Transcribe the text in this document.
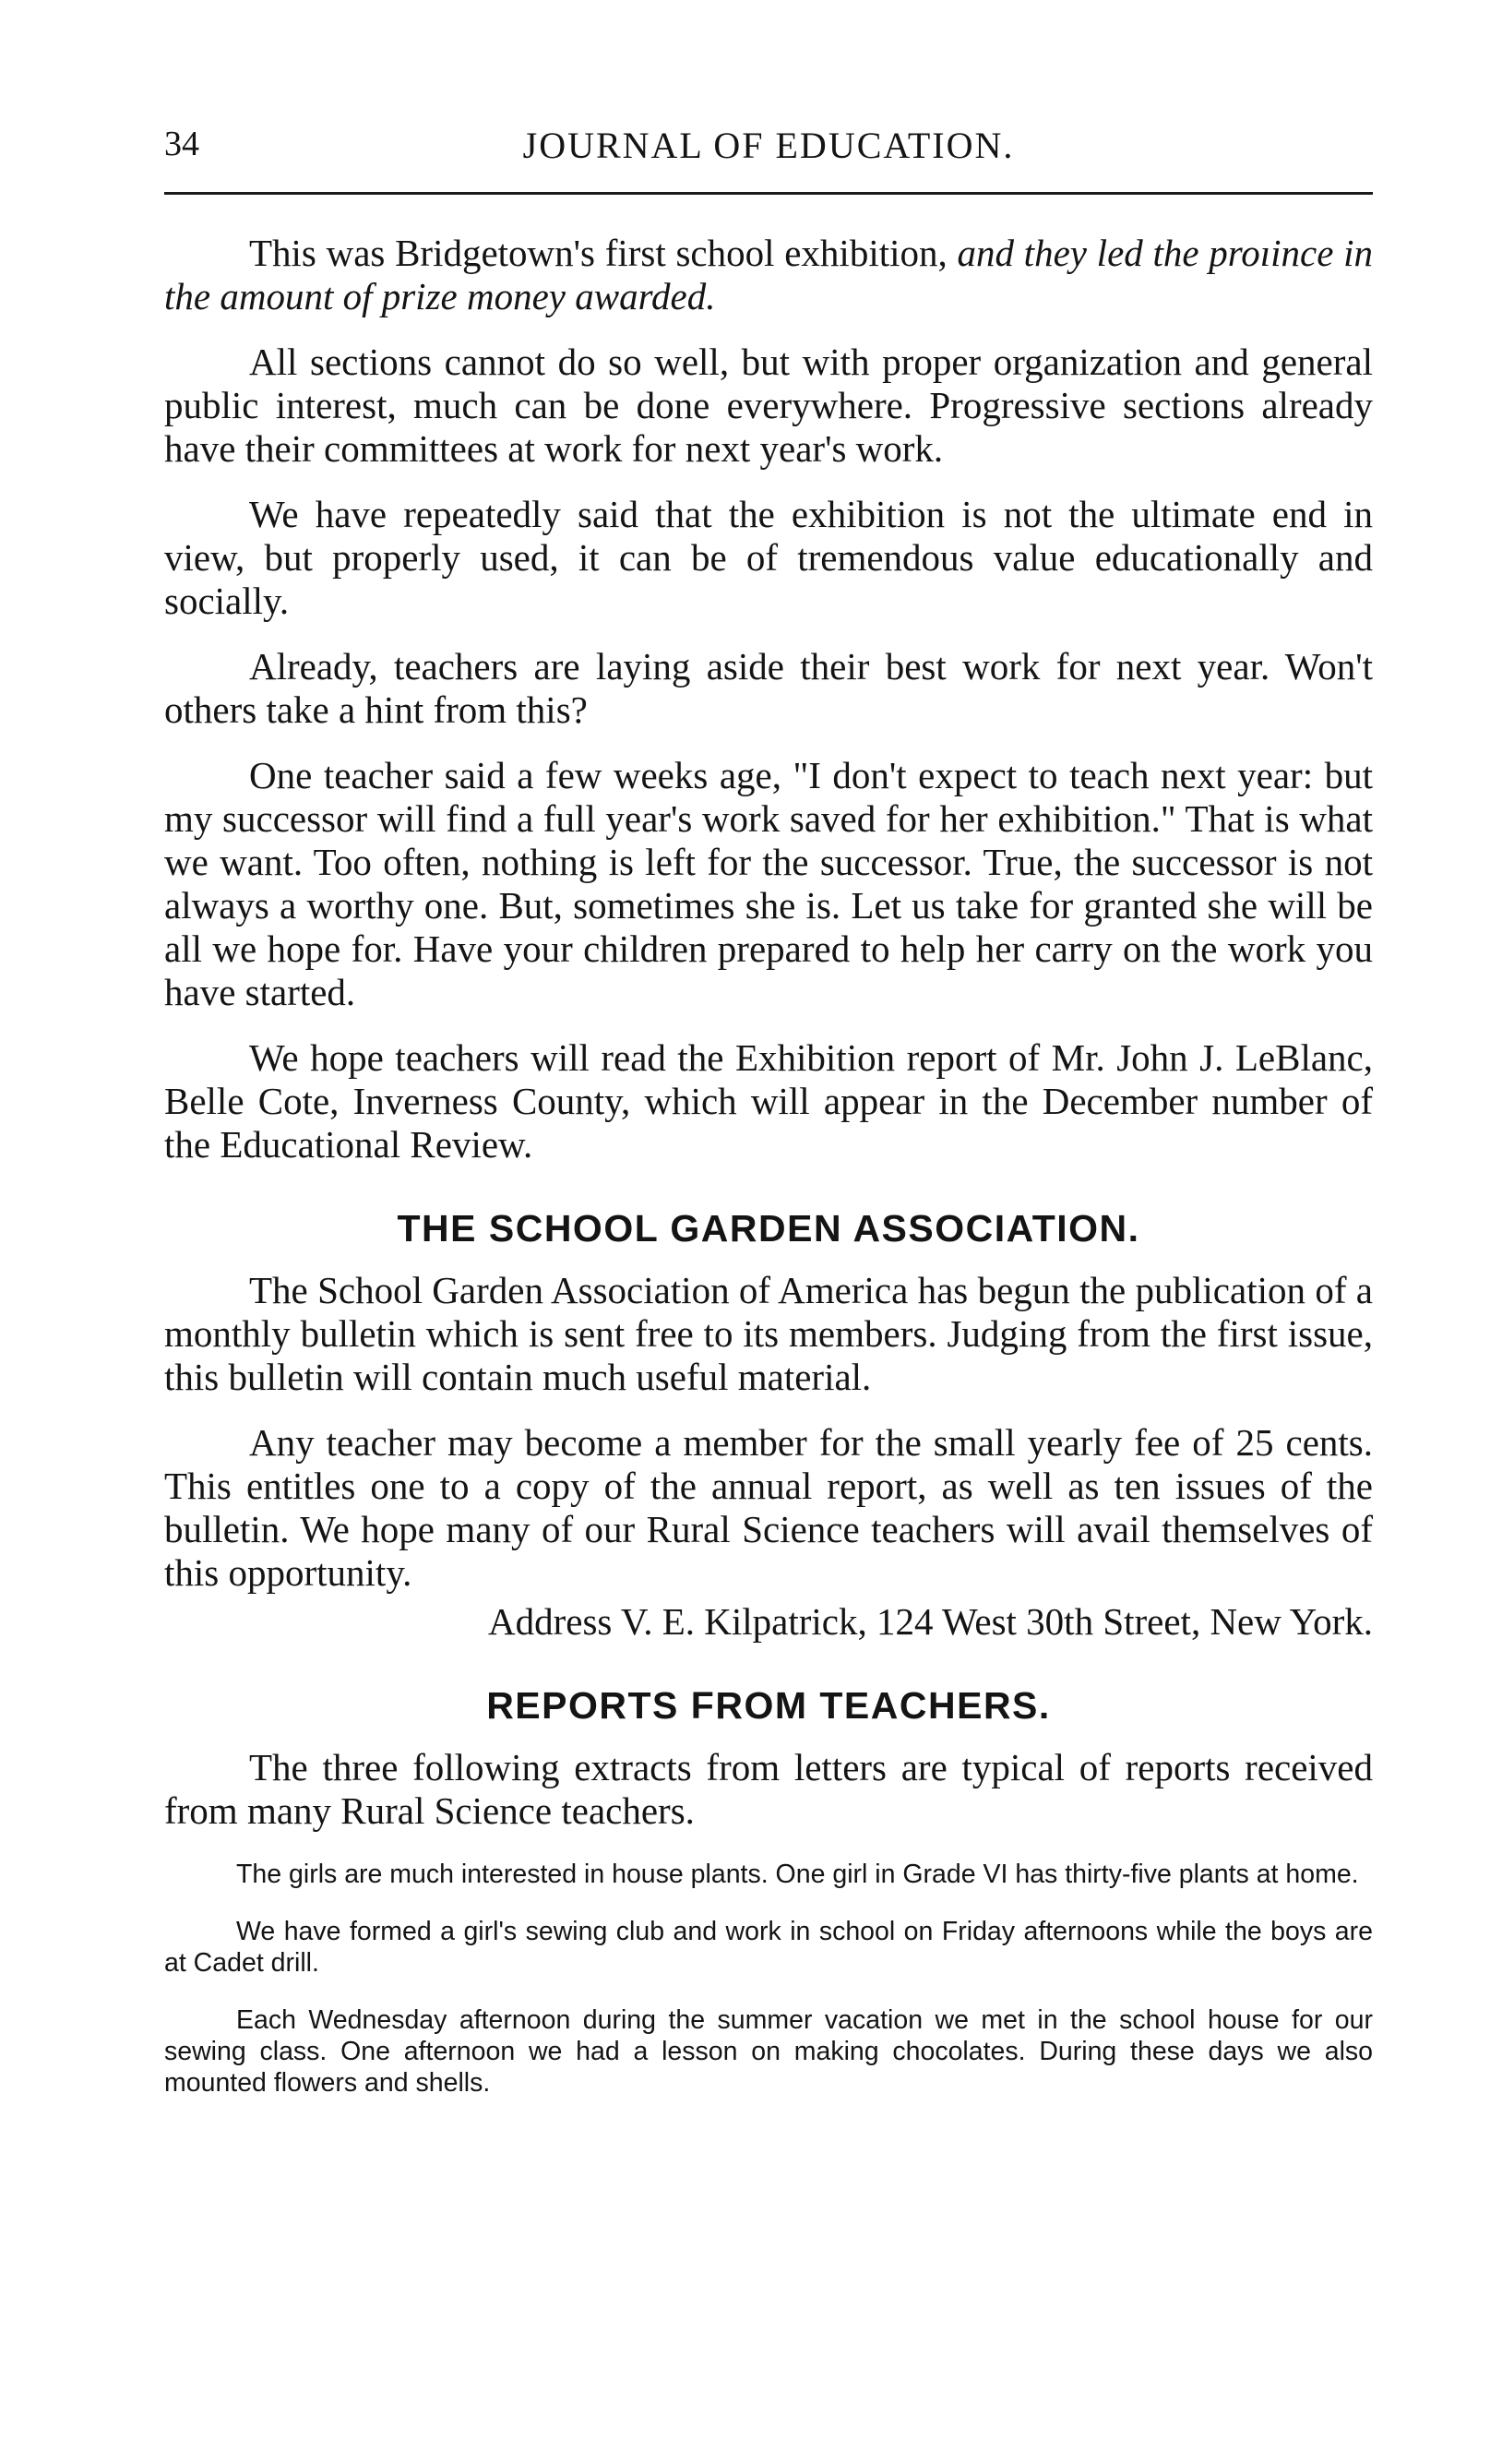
34	JOURNAL OF EDUCATION.

This was Bridgetown's first school exhibition, and they led the proıince in the amount of prize money awarded.

All sections cannot do so well, but with proper organization and general public interest, much can be done everywhere. Progressive sections already have their committees at work for next year's work.

We have repeatedly said that the exhibition is not the ultimate end in view, but properly used, it can be of tremendous value educationally and socially.

Already, teachers are laying aside their best work for next year. Won't others take a hint from this?

One teacher said a few weeks age, "I don't expect to teach next year: but my successor will find a full year's work saved for her exhibition." That is what we want. Too often, nothing is left for the successor. True, the successor is not always a worthy one. But, sometimes she is. Let us take for granted she will be all we hope for. Have your children prepared to help her carry on the work you have started.

We hope teachers will read the Exhibition report of Mr. John J. LeBlanc, Belle Cote, Inverness County, which will appear in the December number of the Educational Review.

THE SCHOOL GARDEN ASSOCIATION.

The School Garden Association of America has begun the publication of a monthly bulletin which is sent free to its members. Judging from the first issue, this bulletin will contain much useful material.

Any teacher may become a member for the small yearly fee of 25 cents. This entitles one to a copy of the annual report, as well as ten issues of the bulletin. We hope many of our Rural Science teachers will avail themselves of this opportunity.

Address V. E. Kilpatrick, 124 West 30th Street, New York.

REPORTS FROM TEACHERS.

The three following extracts from letters are typical of reports received from many Rural Science teachers.

The girls are much interested in house plants. One girl in Grade VI has thirty-five plants at home.

We have formed a girl's sewing club and work in school on Friday afternoons while the boys are at Cadet drill.

Each Wednesday afternoon during the summer vacation we met in the school house for our sewing class. One afternoon we had a lesson on making chocolates. During these days we also mounted flowers and shells.
